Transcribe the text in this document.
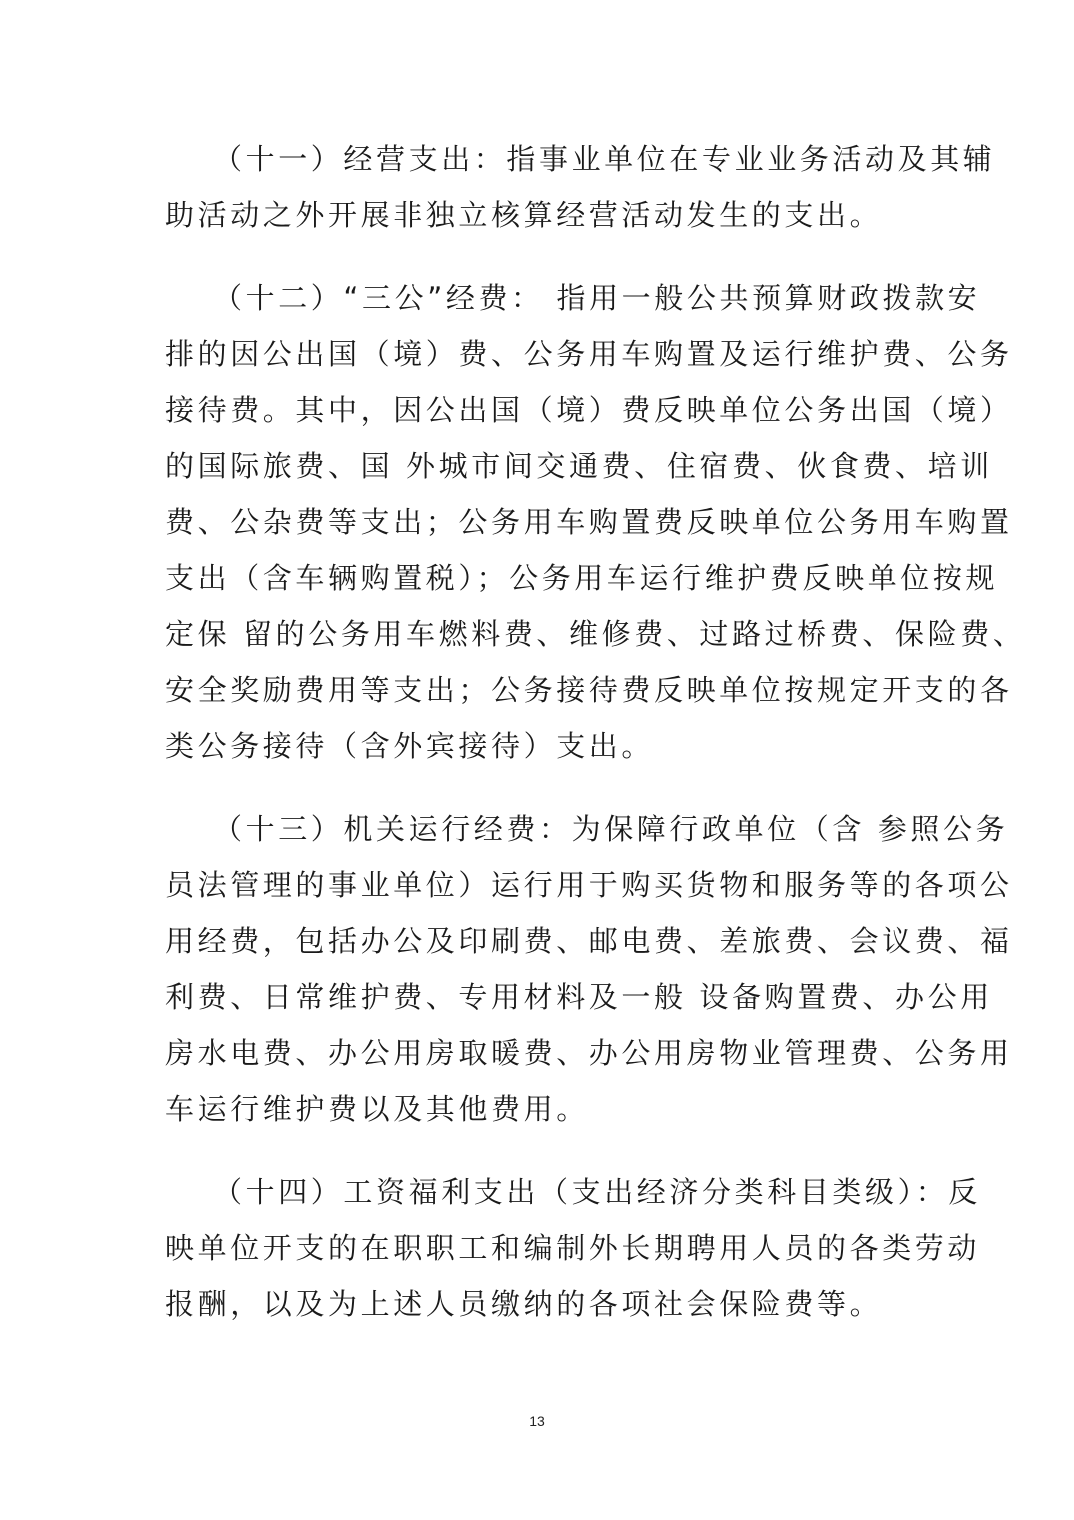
（十一）经营支出：指事业单位在专业业务活动及其辅
助活动之外开展非独立核算经营活动发生的支出。
（十二）“三公”经费： 指用一般公共预算财政拨款安
排的因公出国（境）费、公务用车购置及运行维护费、公务
接待费。其中，因公出国（境）费反映单位公务出国（境）
的国际旅费、国 外城市间交通费、住宿费、伙食费、培训
费、公杂费等支出；公务用车购置费反映单位公务用车购置
支出（含车辆购置税）；公务用车运行维护费反映单位按规
定保 留的公务用车燃料费、维修费、过路过桥费、保险费、
安全奖励费用等支出；公务接待费反映单位按规定开支的各
类公务接待（含外宾接待）支出。
（十三）机关运行经费：为保障行政单位（含 参照公务
员法管理的事业单位）运行用于购买货物和服务等的各项公
用经费，包括办公及印刷费、邮电费、差旅费、会议费、福
利费、日常维护费、专用材料及一般 设备购置费、办公用
房水电费、办公用房取暖费、办公用房物业管理费、公务用
车运行维护费以及其他费用。
（十四）工资福利支出（支出经济分类科目类级）：反
映单位开支的在职职工和编制外长期聘用人员的各类劳动
报酬，以及为上述人员缴纳的各项社会保险费等。
13
